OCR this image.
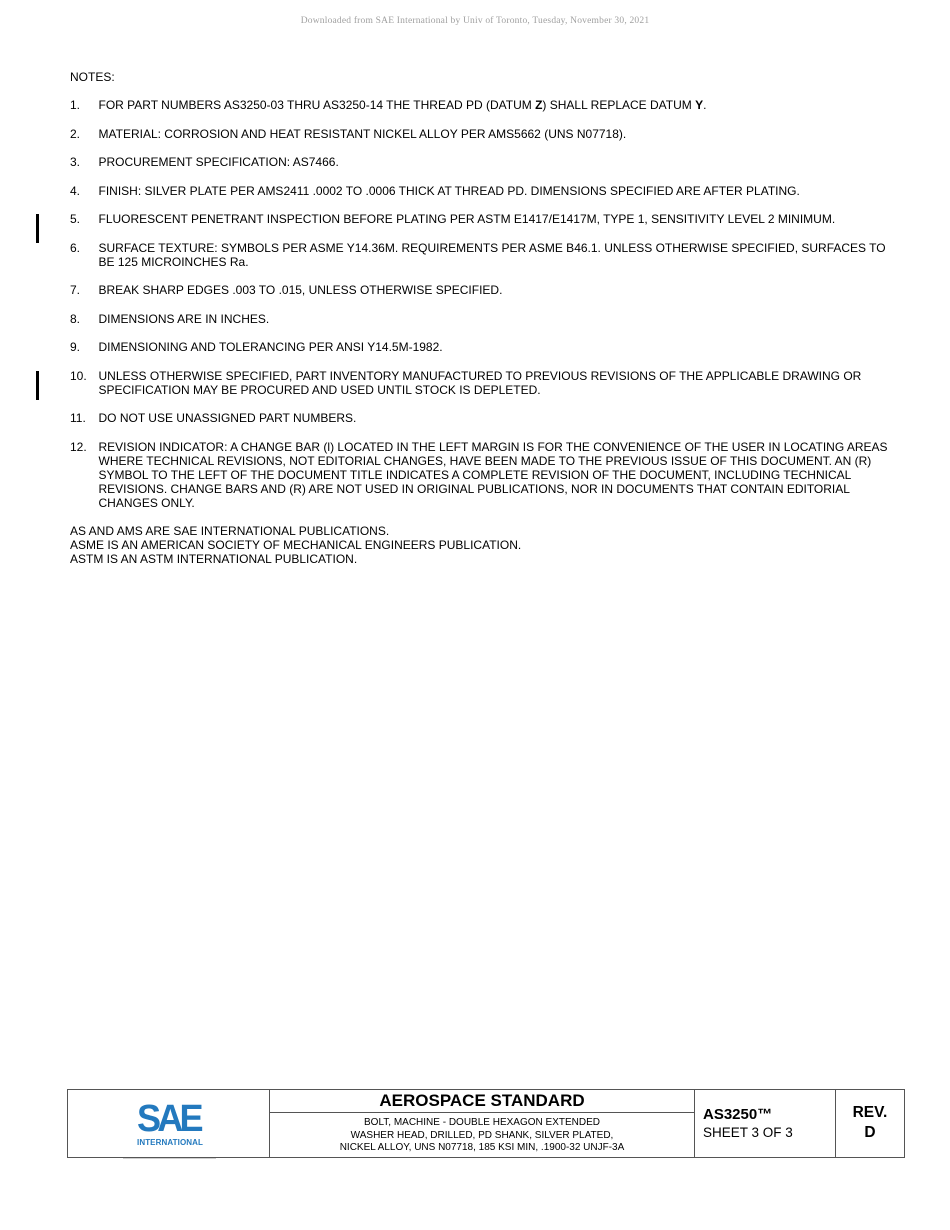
Downloaded from SAE International by Univ of Toronto, Tuesday, November 30, 2021
NOTES:
1.	FOR PART NUMBERS AS3250-03 THRU AS3250-14 THE THREAD PD (DATUM Z) SHALL REPLACE DATUM Y.
2.	MATERIAL: CORROSION AND HEAT RESISTANT NICKEL ALLOY PER AMS5662 (UNS N07718).
3.	PROCUREMENT SPECIFICATION: AS7466.
4.	FINISH: SILVER PLATE PER AMS2411 .0002 TO .0006 THICK AT THREAD PD. DIMENSIONS SPECIFIED ARE AFTER PLATING.
5.	FLUORESCENT PENETRANT INSPECTION BEFORE PLATING PER ASTM E1417/E1417M, TYPE 1, SENSITIVITY LEVEL 2 MINIMUM.
6.	SURFACE TEXTURE: SYMBOLS PER ASME Y14.36M. REQUIREMENTS PER ASME B46.1. UNLESS OTHERWISE SPECIFIED, SURFACES TO BE 125 MICROINCHES Ra.
7.	BREAK SHARP EDGES .003 TO .015, UNLESS OTHERWISE SPECIFIED.
8.	DIMENSIONS ARE IN INCHES.
9.	DIMENSIONING AND TOLERANCING PER ANSI Y14.5M-1982.
10. UNLESS OTHERWISE SPECIFIED, PART INVENTORY MANUFACTURED TO PREVIOUS REVISIONS OF THE APPLICABLE DRAWING OR SPECIFICATION MAY BE PROCURED AND USED UNTIL STOCK IS DEPLETED.
11.	DO NOT USE UNASSIGNED PART NUMBERS.
12. REVISION INDICATOR: A CHANGE BAR (l) LOCATED IN THE LEFT MARGIN IS FOR THE CONVENIENCE OF THE USER IN LOCATING AREAS WHERE TECHNICAL REVISIONS, NOT EDITORIAL CHANGES, HAVE BEEN MADE TO THE PREVIOUS ISSUE OF THIS DOCUMENT. AN (R) SYMBOL TO THE LEFT OF THE DOCUMENT TITLE INDICATES A COMPLETE REVISION OF THE DOCUMENT, INCLUDING TECHNICAL REVISIONS. CHANGE BARS AND (R) ARE NOT USED IN ORIGINAL PUBLICATIONS, NOR IN DOCUMENTS THAT CONTAIN EDITORIAL CHANGES ONLY.
AS AND AMS ARE SAE INTERNATIONAL PUBLICATIONS.
ASME IS AN AMERICAN SOCIETY OF MECHANICAL ENGINEERS PUBLICATION.
ASTM IS AN ASTM INTERNATIONAL PUBLICATION.
SAE
INTERNATIONAL
AEROSPACE STANDARD
BOLT, MACHINE - DOUBLE HEXAGON EXTENDED
WASHER HEAD, DRILLED, PD SHANK, SILVER PLATED,
NICKEL ALLOY, UNS N07718, 185 KSI MIN, .1900-32 UNJF-3A
AS3250™
SHEET 3 OF 3
REV.
D
